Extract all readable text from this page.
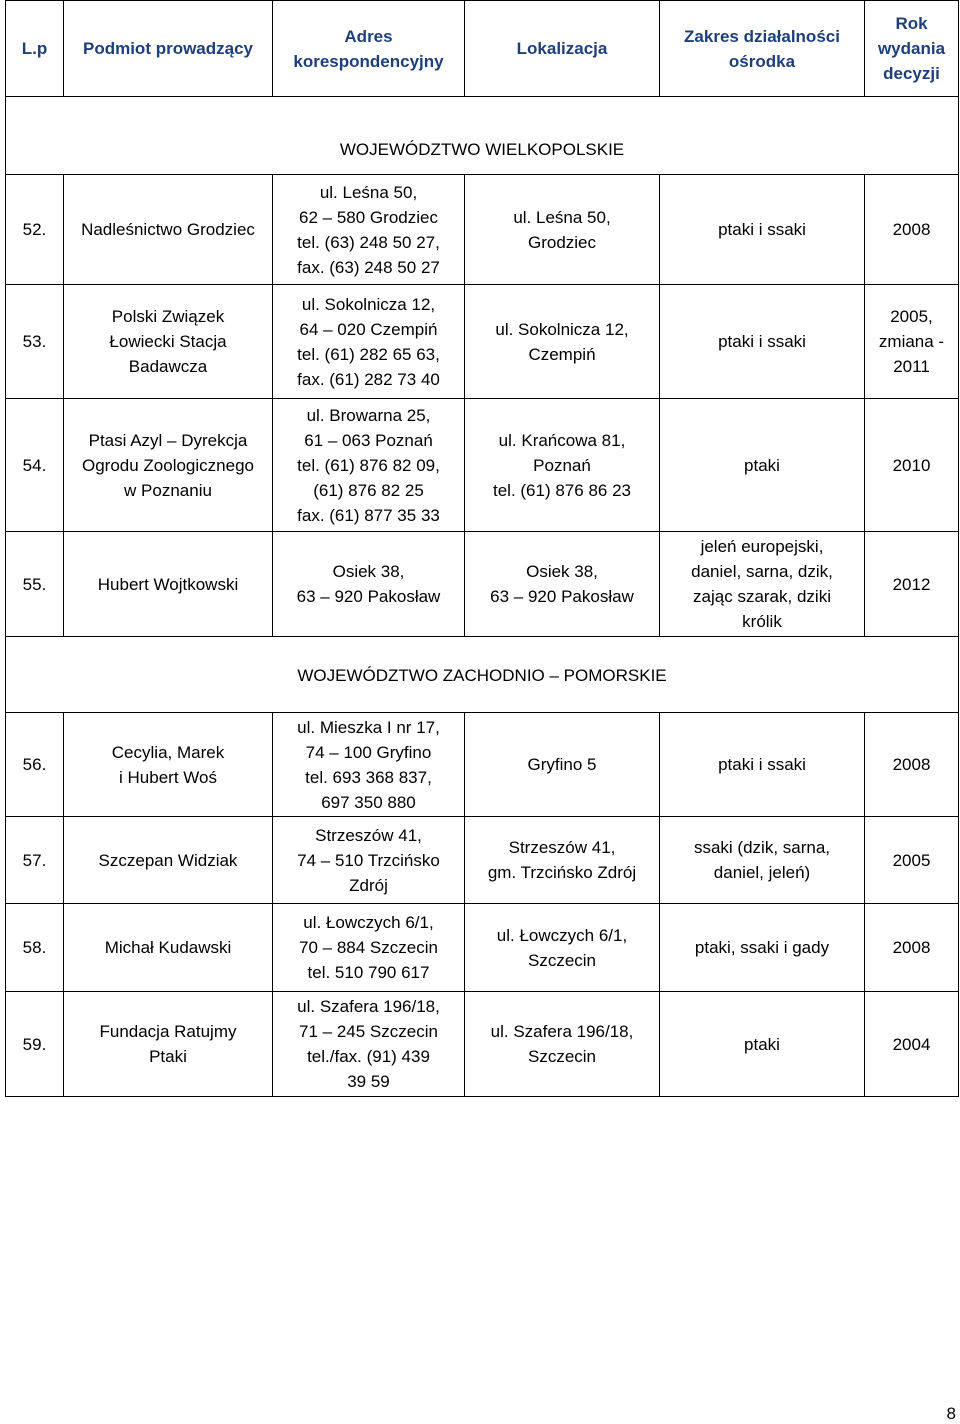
L.p	Podmiot prowadzący	Adres korespondencyjny	Lokalizacja	Zakres działalności ośrodka	Rok wydania decyzji
WOJEWÓDZTWO WIELKOPOLSKIE					
52.	Nadleśnictwo Grodziec	ul. Leśna 50,
62 – 580 Grodziec
tel. (63) 248 50 27,
fax. (63) 248 50 27	ul. Leśna 50,
Grodziec	ptaki i ssaki	2008

53.	Polski Związek
Łowiecki Stacja
Badawcza	ul. Sokolnicza 12,
64 – 020 Czempiń
tel. (61) 282 65 63,
fax. (61) 282 73 40	ul. Sokolnicza 12,
Czempiń	ptaki i ssaki	2005,
zmiana -
2011

54.	Ptasi Azyl – Dyrekcja
Ogrodu Zoologicznego
w Poznaniu	ul. Browarna 25,
61 – 063 Poznań
tel. (61) 876 82 09,
(61) 876 82 25
fax. (61) 877 35 33	ul. Krańcowa 81,
Poznań
tel. (61) 876 86 23	ptaki	2010

55.	Hubert Wojtkowski	Osiek 38,
63 – 920 Pakosław	Osiek 38,
63 – 920 Pakosław	jeleń europejski,
daniel, sarna, dzik,
zając szarak, dziki
królik	2012

WOJEWÓDZTWO ZACHODNIO – POMORSKIE					
56.	Cecylia, Marek
i Hubert Woś	ul. Mieszka I nr 17,
74 – 100 Gryfino
tel. 693 368 837,
697 350 880	Gryfino 5	ptaki i ssaki	2008

57.	Szczepan Widziak	Strzeszów 41,
74 – 510 Trzcińsko
Zdrój	Strzeszów 41,
gm. Trzcińsko Zdrój	ssaki (dzik, sarna,
daniel, jeleń)	2005

58.	Michał Kudawski	ul. Łowczych 6/1,
70 – 884 Szczecin
tel. 510 790 617	ul. Łowczych 6/1,
Szczecin	ptaki, ssaki i gady	2008

59.	Fundacja Ratujmy
Ptaki	ul. Szafera 196/18,
71 – 245 Szczecin
tel./fax. (91) 439
39 59	ul. Szafera 196/18,
Szczecin	ptaki	2004
8
